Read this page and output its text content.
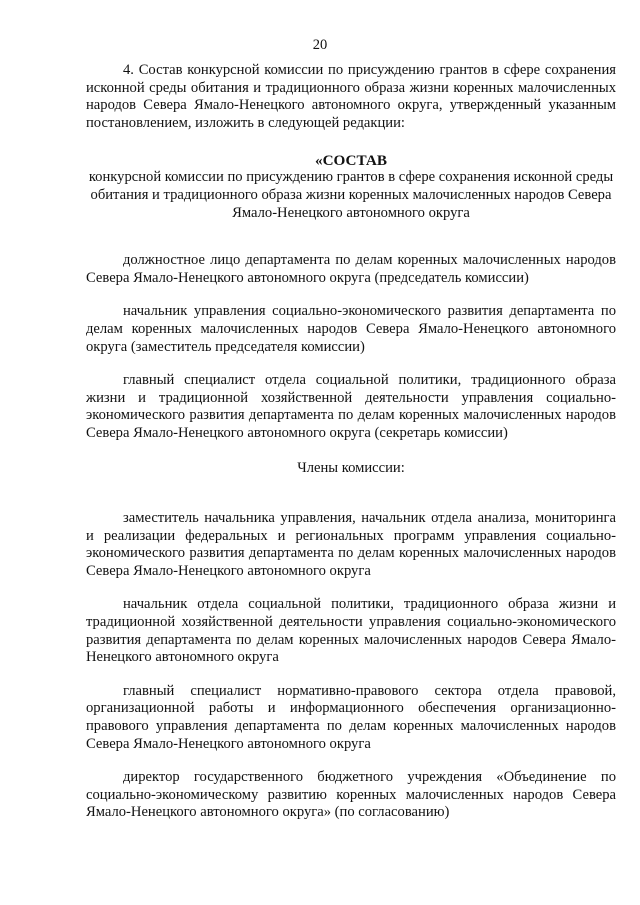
20

4. Состав конкурсной комиссии по присуждению грантов в сфере сохранения исконной среды обитания и традиционного образа жизни коренных малочисленных народов Севера Ямало-Ненецкого автономного округа, утвержденный указанным постановлением, изложить в следующей редакции:

«СОСТАВ

конкурсной комиссии по присуждению грантов в сфере сохранения исконной среды обитания и традиционного образа жизни коренных малочисленных народов Севера Ямало-Ненецкого автономного округа

должностное лицо департамента по делам коренных малочисленных народов Севера Ямало-Ненецкого автономного округа (председатель комиссии)

начальник управления социально-экономического развития департамента по делам коренных малочисленных народов Севера Ямало-Ненецкого автономного округа (заместитель председателя комиссии)

главный специалист отдела социальной политики, традиционного образа жизни и традиционной хозяйственной деятельности управления социально-экономического развития департамента по делам коренных малочисленных народов Севера Ямало-Ненецкого автономного округа (секретарь комиссии)

Члены комиссии:

заместитель начальника управления, начальник отдела анализа, мониторинга и реализации федеральных и региональных программ управления социально-экономического развития департамента по делам коренных малочисленных народов Севера Ямало-Ненецкого автономного округа

начальник отдела социальной политики, традиционного образа жизни и традиционной хозяйственной деятельности управления социально-экономического развития департамента по делам коренных малочисленных народов Севера Ямало-Ненецкого автономного округа

главный специалист нормативно-правового сектора отдела правовой, организационной работы и информационного обеспечения организационно-правового управления департамента по делам коренных малочисленных народов Севера Ямало-Ненецкого автономного округа

директор государственного бюджетного учреждения «Объединение по социально-экономическому развитию коренных малочисленных народов Севера Ямало-Ненецкого автономного округа» (по согласованию)
